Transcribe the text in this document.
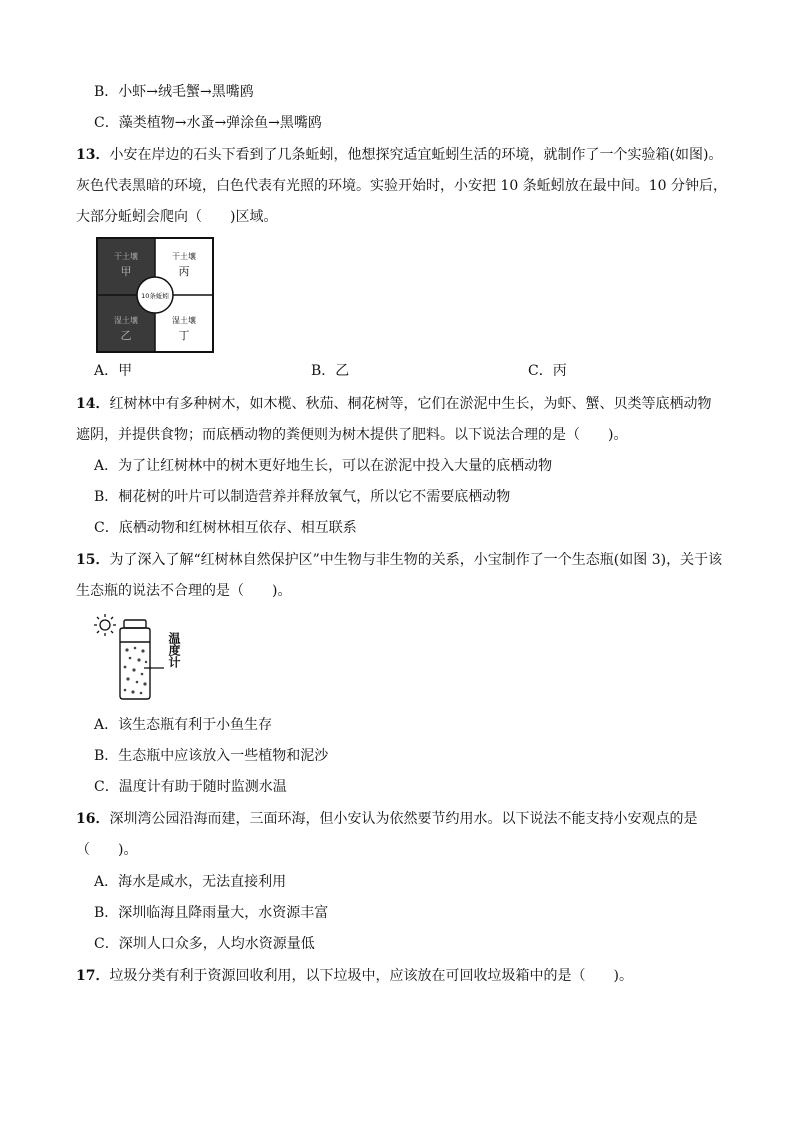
B．小虾→绒毛蟹→黑嘴鸥
C．藻类植物→水蚤→弹涂鱼→黑嘴鸥
13．小安在岸边的石头下看到了几条蚯蚓，他想探究适宜蚯蚓生活的环境，就制作了一个实验箱(如图)。
灰色代表黑暗的环境，白色代表有光照的环境。实验开始时，小安把 10 条蚯蚓放在最中间。10 分钟后，
大部分蚯蚓会爬向（　　)区域。
干土壤
甲
干土壤
丙
湿土壤
乙
湿土壤
丁
10条蚯蚓
A．甲	B．乙	C．丙
14．红树林中有多种树木，如木榄、秋茄、桐花树等，它们在淤泥中生长，为虾、蟹、贝类等底栖动物
遮阴，并提供食物；而底栖动物的粪便则为树木提供了肥料。以下说法合理的是（　　)。
A．为了让红树林中的树木更好地生长，可以在淤泥中投入大量的底栖动物
B．桐花树的叶片可以制造营养并释放氧气，所以它不需要底栖动物
C．底栖动物和红树林相互依存、相互联系
15．为了深入了解“红树林自然保护区”中生物与非生物的关系，小宝制作了一个生态瓶(如图 3)，关于该
生态瓶的说法不合理的是（　　)。
温度计
A．该生态瓶有利于小鱼生存
B．生态瓶中应该放入一些植物和泥沙
C．温度计有助于随时监测水温
16．深圳湾公园沿海而建，三面环海，但小安认为依然要节约用水。以下说法不能支持小安观点的是
（　　)。
A．海水是咸水，无法直接利用
B．深圳临海且降雨量大，水资源丰富
C．深圳人口众多，人均水资源量低
17．垃圾分类有利于资源回收利用，以下垃圾中，应该放在可回收垃圾箱中的是（　　)。
